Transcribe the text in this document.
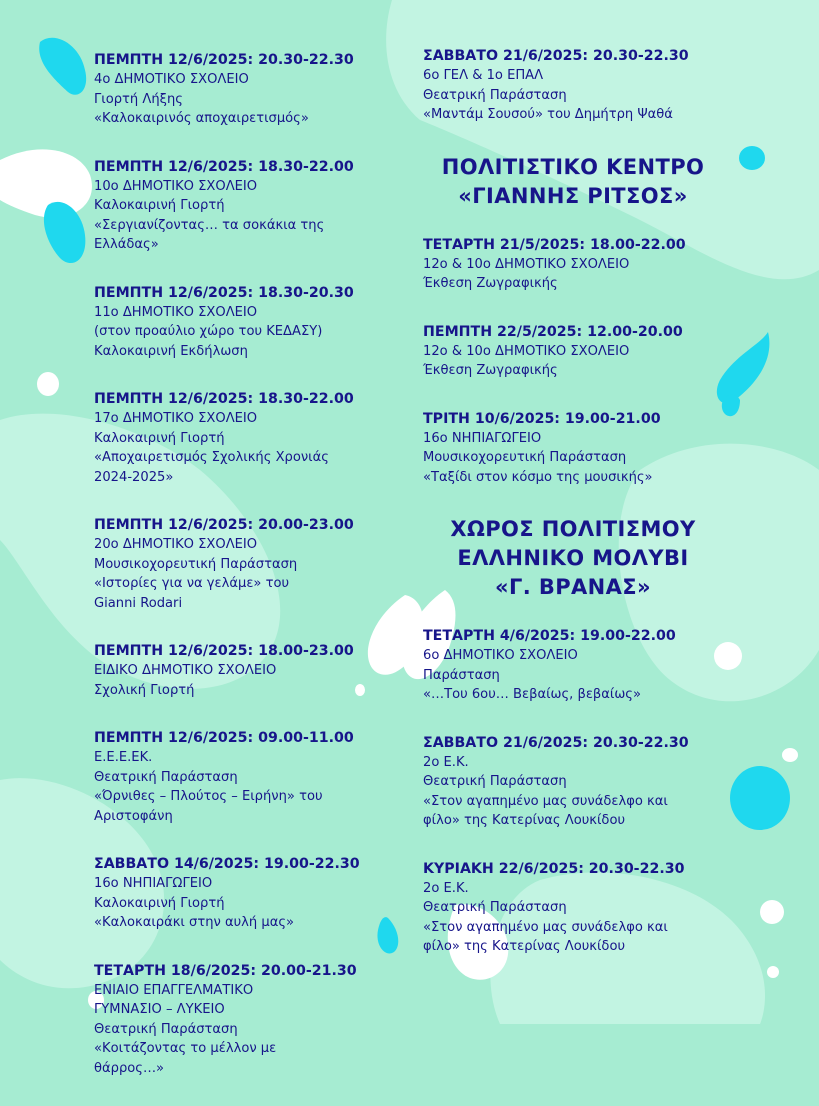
ΠΕΜΠΤΗ 12/6/2025: 20.30-22.30
4ο ΔΗΜΟΤΙΚΟ ΣΧΟΛΕΙΟ
Γιορτή Λήξης
«Καλοκαιρινός αποχαιρετισμός»
ΠΕΜΠΤΗ 12/6/2025: 18.30-22.00
10ο ΔΗΜΟΤΙΚΟ ΣΧΟΛΕΙΟ
Καλοκαιρινή Γιορτή
«Σεργιανίζοντας… τα σοκάκια της
Ελλάδας»
ΠΕΜΠΤΗ 12/6/2025: 18.30-20.30
11ο ΔΗΜΟΤΙΚΟ ΣΧΟΛΕΙΟ
(στον προαύλιο χώρο του ΚΕΔΑΣΥ)
Καλοκαιρινή Εκδήλωση
ΠΕΜΠΤΗ 12/6/2025: 18.30-22.00
17ο ΔΗΜΟΤΙΚΟ ΣΧΟΛΕΙΟ
Καλοκαιρινή Γιορτή
«Αποχαιρετισμός Σχολικής Χρονιάς
2024-2025»
ΠΕΜΠΤΗ 12/6/2025: 20.00-23.00
20ο ΔΗΜΟΤΙΚΟ ΣΧΟΛΕΙΟ
Μουσικοχορευτική Παράσταση
«Ιστορίες για να γελάμε» του
Gianni Rodari
ΠΕΜΠΤΗ 12/6/2025: 18.00-23.00
ΕΙΔΙΚΟ ΔΗΜΟΤΙΚΟ ΣΧΟΛΕΙΟ
Σχολική Γιορτή
ΠΕΜΠΤΗ 12/6/2025: 09.00-11.00
Ε.Ε.Ε.ΕΚ.
Θεατρική Παράσταση
«Όρνιθες – Πλούτος – Ειρήνη» του
Αριστοφάνη
ΣΑΒΒΑΤΟ 14/6/2025: 19.00-22.30
16ο ΝΗΠΙΑΓΩΓΕΙΟ
Καλοκαιρινή Γιορτή
«Καλοκαιράκι στην αυλή μας»
ΤΕΤΑΡΤΗ 18/6/2025: 20.00-21.30
ΕΝΙΑΙΟ ΕΠΑΓΓΕΛΜΑΤΙΚΟ
ΓΥΜΝΑΣΙΟ – ΛΥΚΕΙΟ
Θεατρική Παράσταση
«Κοιτάζοντας το μέλλον με
θάρρος…»
ΣΑΒΒΑΤΟ 21/6/2025: 20.30-22.30
6ο ΓΕΛ & 1ο ΕΠΑΛ
Θεατρική Παράσταση
«Μαντάμ Σουσού» του Δημήτρη Ψαθά
ΠΟΛΙΤΙΣΤΙΚΟ ΚΕΝΤΡΟ
«ΓΙΑΝΝΗΣ ΡΙΤΣΟΣ»
ΤΕΤΑΡΤΗ 21/5/2025: 18.00-22.00
12ο & 10ο ΔΗΜΟΤΙΚΟ ΣΧΟΛΕΙΟ
Έκθεση Ζωγραφικής
ΠΕΜΠΤΗ 22/5/2025: 12.00-20.00
12ο & 10ο ΔΗΜΟΤΙΚΟ ΣΧΟΛΕΙΟ
Έκθεση Ζωγραφικής
ΤΡΙΤΗ 10/6/2025: 19.00-21.00
16ο ΝΗΠΙΑΓΩΓΕΙΟ
Μουσικοχορευτική Παράσταση
«Ταξίδι στον κόσμο της μουσικής»
ΧΩΡΟΣ ΠΟΛΙΤΙΣΜΟΥ
ΕΛΛΗΝΙΚΟ ΜΟΛΥΒΙ
«Γ. ΒΡΑΝΑΣ»
ΤΕΤΑΡΤΗ 4/6/2025: 19.00-22.00
6ο ΔΗΜΟΤΙΚΟ ΣΧΟΛΕΙΟ
Παράσταση
«…Του 6ου… Βεβαίως, βεβαίως»
ΣΑΒΒΑΤΟ 21/6/2025: 20.30-22.30
2ο Ε.Κ.
Θεατρική Παράσταση
«Στον αγαπημένο μας συνάδελφο και
φίλο» της Κατερίνας Λουκίδου
ΚΥΡΙΑΚΗ 22/6/2025: 20.30-22.30
2ο Ε.Κ.
Θεατρική Παράσταση
«Στον αγαπημένο μας συνάδελφο και
φίλο» της Κατερίνας Λουκίδου
